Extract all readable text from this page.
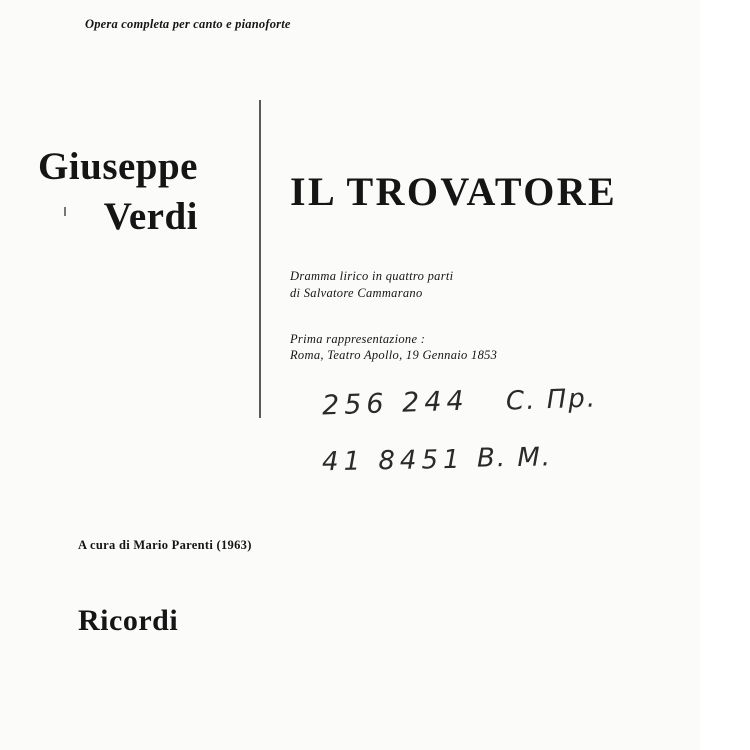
Opera completa per canto e pianoforte
Giuseppe
Verdi
IL TROVATORE
Dramma lirico in quattro parti
di Salvatore Cammarano
Prima rappresentazione :
Roma, Teatro Apollo, 19 Gennaio 1853
256 244 С. Пр.
41 8451 В. М.
A cura di Mario Parenti (1963)
Ricordi
